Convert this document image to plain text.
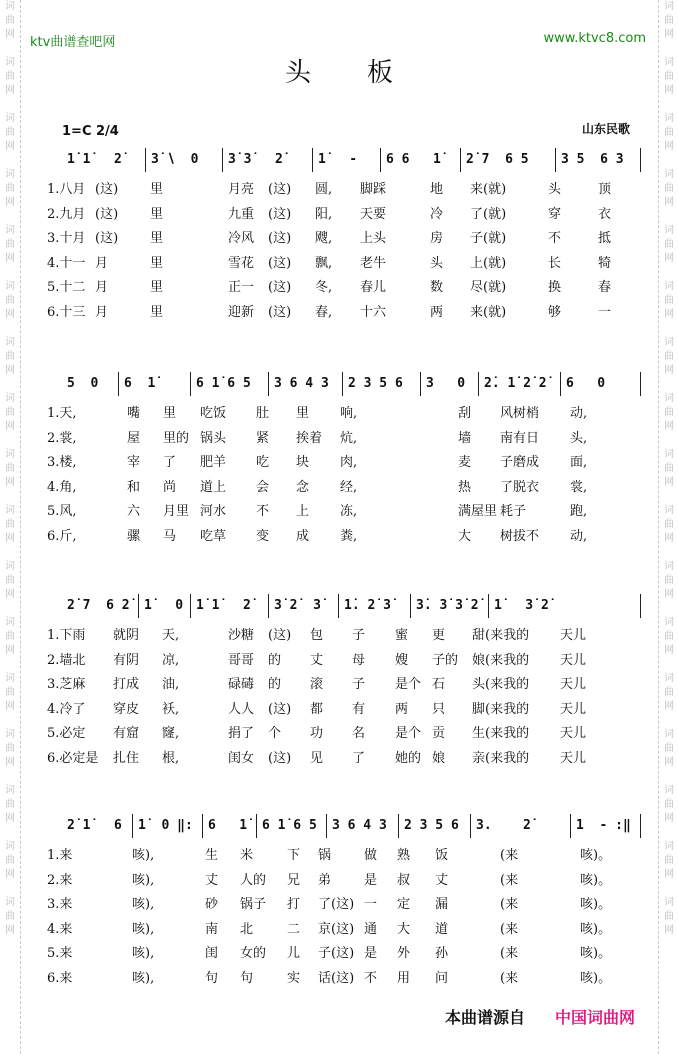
词曲网
词曲网
词曲网
词曲网
词曲网
词曲网
词曲网
词曲网
词曲网
词曲网
词曲网
词曲网
词曲网
词曲网
词曲网
词曲网
词曲网
词曲网
词曲网
词曲网
词曲网
词曲网
词曲网
词曲网
词曲网
词曲网
词曲网
词曲网
词曲网
词曲网
词曲网
词曲网
词曲网
词曲网
ktv曲谱查吧网	www.ktvc8.com
头板
1=C 2/4	山东民歌
1̇ 1̇   2̇	3̇ ∖  0	3̇ 3̇   2̇	1̇   -	6 6   1̇	2̇ 7  6 5	3 5  6 3
1.八月 (这) 里	月亮 (这) 圆, 脚踩	地 来(就)	头	顶
2.九月 (这) 里	九重 (这) 阳, 天要	冷 了(就)	穿	衣
3.十月 (这) 里	冷风 (这) 飕, 上头	房 子(就)	不	抵
4.十一 月	里	雪花 (这) 飘, 老牛	头 上(就)	长	犄
5.十二 月	里	正一 (这) 冬, 春儿	数 尽(就)	换	春
6.十三 月	里	迎新 (这) 春, 十六	两 来(就)	够	一
5  0	6  1̇	6 1̇ 6 5	3 6 4 3	2 3 5 6	3   0	2̇. 1̇ 2̇ 2̇	6   0
1.天,	嘴 里 吃饭 肚 里 响,	刮 风树梢 动,
2.裳,	屋 里的 锅头 紧 挨着 炕,	墙 南有日 头,
3.楼,	宰 了 肥羊 吃 块 肉,	麦 子磨成 面,
4.角,	和 尚 道上 会 念 经,	热 了脱衣 裳,
5.风,	六 月里 河水 不 上 冻,	满屋里 耗子	跑,
6.斤,	骡 马 吃草 变 成 粪,	大 树拔不 动,
2̇ 7  6 2̇	1̇   0 1̇ 1̇   2̇	3̇ 2̇  3̇	1̇. 2̇ 3̇	3̇. 3̇ 3̇ 2̇	1̇   3̇ 2̇
1.下雨 就阴 天,	沙糖 (这) 包 子 蜜 更 甜(来我的 天儿
2.墙北 有阴 凉,	哥哥 的 丈 母 嫂 子的 娘(来我的 天儿
3.芝麻 打成 油,	碌碡 的 滚 子 是个 石 头(来我的 天儿
4.冷了 穿皮 袄,	人人 (这) 都 有 两 只 脚(来我的 天儿
5.必定 有窟 窿,	捐了 个 功 名 是个 贡 生(来我的 天儿
6.必定是 扎住 根,	闺女 (这) 见 了 她的 娘 亲(来我的 天儿
2̇ 1̇   6	1̇  0 ‖:	6   1̇	6 1̇ 6 5	3 6 4 3	2 3 5 6	3.    2̇	1  - :‖
1.来	咳),	生 米	下 锅	做 熟 饭	(来	咳)。
2.来	咳),	丈 人的 兄 弟	是 叔 丈	(来	咳)。
3.来	咳),	砂 锅子 打 了(这) 一 定 漏	(来	咳)。
4.来	咳),	南 北	二 京(这) 通 大 道	(来	咳)。
5.来	咳),	闺 女的 儿 子(这) 是 外 孙	(来	咳)。
6.来	咳),	句 句	实 话(这) 不 用 问	(来	咳)。
本曲谱源自 中国词曲网
